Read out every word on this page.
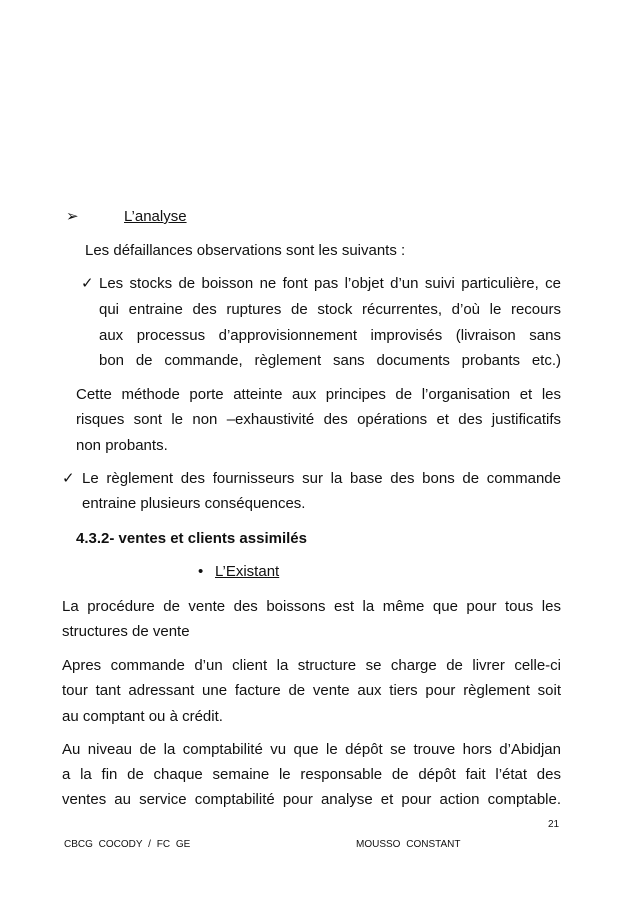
➢	L’analyse
Les défaillances observations sont les suivants :
✓ Les stocks de boisson ne font pas l’objet d’un suivi particulière, ce
qui entraine des ruptures de stock récurrentes, d’où le recours
aux processus d’approvisionnement improvisés (livraison sans
bon de commande, règlement sans documents probants etc.)
Cette méthode porte atteinte aux principes de l’organisation et les
risques sont le non –exhaustivité des opérations et des justificatifs
non probants.
✓ Le règlement des fournisseurs sur la base des bons de commande
entraine plusieurs conséquences.
4.3.2- ventes et clients assimilés
• L’Existant
La procédure de vente des boissons est la même que pour tous les
structures de vente
Apres commande d’un client la structure se charge de livrer celle-ci
tour tant adressant une facture de vente aux tiers pour règlement soit
au comptant ou à crédit.
Au niveau de la comptabilité vu que le dépôt se trouve hors d’Abidjan
a la fin de chaque semaine le responsable de dépôt fait l’état des
ventes au service comptabilité pour analyse et pour action comptable.
21
CBCG COCODY / FC GE	MOUSSO CONSTANT
